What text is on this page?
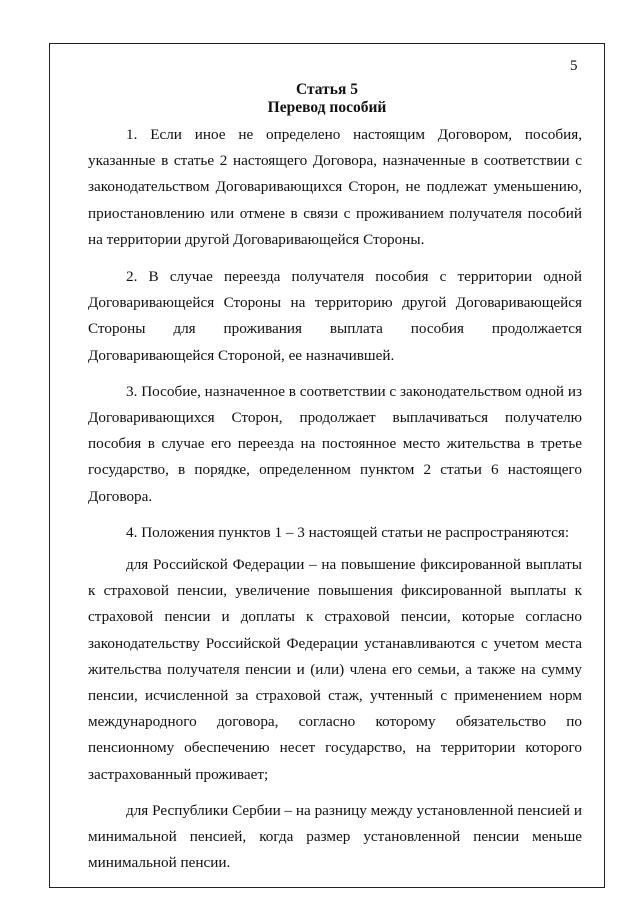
5
Статья 5
Перевод пособий

1. Если иное не определено настоящим Договором, пособия, указанные в статье 2 настоящего Договора, назначенные в соответствии с законодательством Договаривающихся Сторон, не подлежат уменьшению, приостановлению или отмене в связи с проживанием получателя пособий на территории другой Договаривающейся Стороны.

2. В случае переезда получателя пособия с территории одной Договаривающейся Стороны на территорию другой Договаривающейся Стороны для проживания выплата пособия продолжается Договаривающейся Стороной, ее назначившей.

3. Пособие, назначенное в соответствии с законодательством одной из Договаривающихся Сторон, продолжает выплачиваться получателю пособия в случае его переезда на постоянное место жительства в третье государство, в порядке, определенном пунктом 2 статьи 6 настоящего Договора.

4. Положения пунктов 1 – 3 настоящей статьи не распространяются:

для Российской Федерации – на повышение фиксированной выплаты к страховой пенсии, увеличение повышения фиксированной выплаты к страховой пенсии и доплаты к страховой пенсии, которые согласно законодательству Российской Федерации устанавливаются с учетом места жительства получателя пенсии и (или) члена его семьи, а также на сумму пенсии, исчисленной за страховой стаж, учтенный с применением норм международного договора, согласно которому обязательство по пенсионному обеспечению несет государство, на территории которого застрахованный проживает;

для Республики Сербии – на разницу между установленной пенсией и минимальной пенсией, когда размер установленной пенсии меньше минимальной пенсии.
